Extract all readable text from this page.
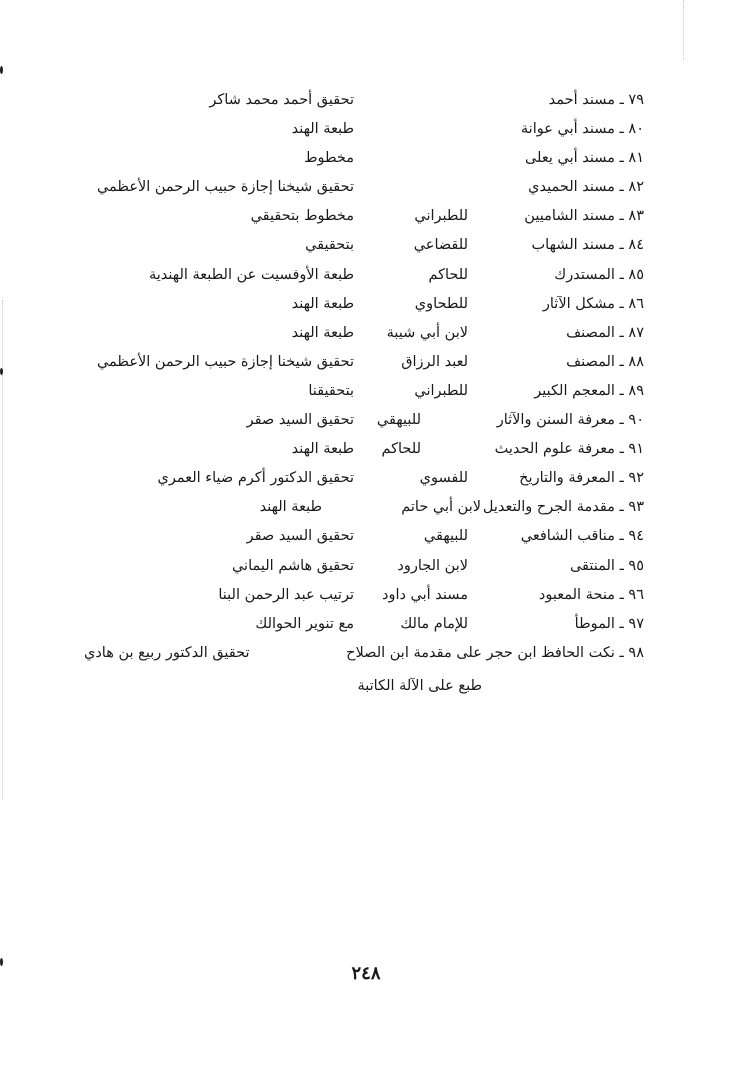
٧٩ ـ مسند أحمد
تحقيق أحمد محمد شاكر
٨٠ ـ مسند أبي عوانة
طبعة الهند
٨١ ـ مسند أبي يعلى
مخطوط
٨٢ ـ مسند الحميدي
تحقيق شيخنا إجازة حبيب الرحمن الأعظمي
٨٣ ـ مسند الشاميين
للطبراني
مخطوط بتحقيقي
٨٤ ـ مسند الشهاب
للقضاعي
بتحقيقي
٨٥ ـ المستدرك
للحاكم
طبعة الأوفسيت عن الطبعة الهندية
٨٦ ـ مشكل الآثار
للطحاوي
طبعة الهند
٨٧ ـ المصنف
لابن أبي شيبة
طبعة الهند
٨٨ ـ المصنف
لعبد الرزاق
تحقيق شيخنا إجازة حبيب الرحمن الأعظمي
٨٩ ـ المعجم الكبير
للطبراني
بتحقيقنا
٩٠ ـ معرفة السنن والآثار
للبيهقي
تحقيق السيد صقر
٩١ ـ معرفة علوم الحديث
للحاكم
طبعة الهند
٩٢ ـ المعرفة والتاريخ
للفسوي
تحقيق الدكتور أكرم ضياء العمري
٩٣ ـ مقدمة الجرح والتعديل
لابن أبي حاتم
طبعة الهند
٩٤ ـ مناقب الشافعي
للبيهقي
تحقيق السيد صقر
٩٥ ـ المنتقى
لابن الجارود
تحقيق هاشم اليماني
٩٦ ـ منحة المعبود
مسند أبي داود
ترتيب عبد الرحمن البنا
٩٧ ـ الموطأ
للإمام مالك
مع تنوير الحوالك
٩٨ ـ نكت الحافظ ابن حجر على مقدمة ابن الصلاح
تحقيق الدكتور ربيع بن هادي
طبع على الآلة الكاتبة
٢٤٨
